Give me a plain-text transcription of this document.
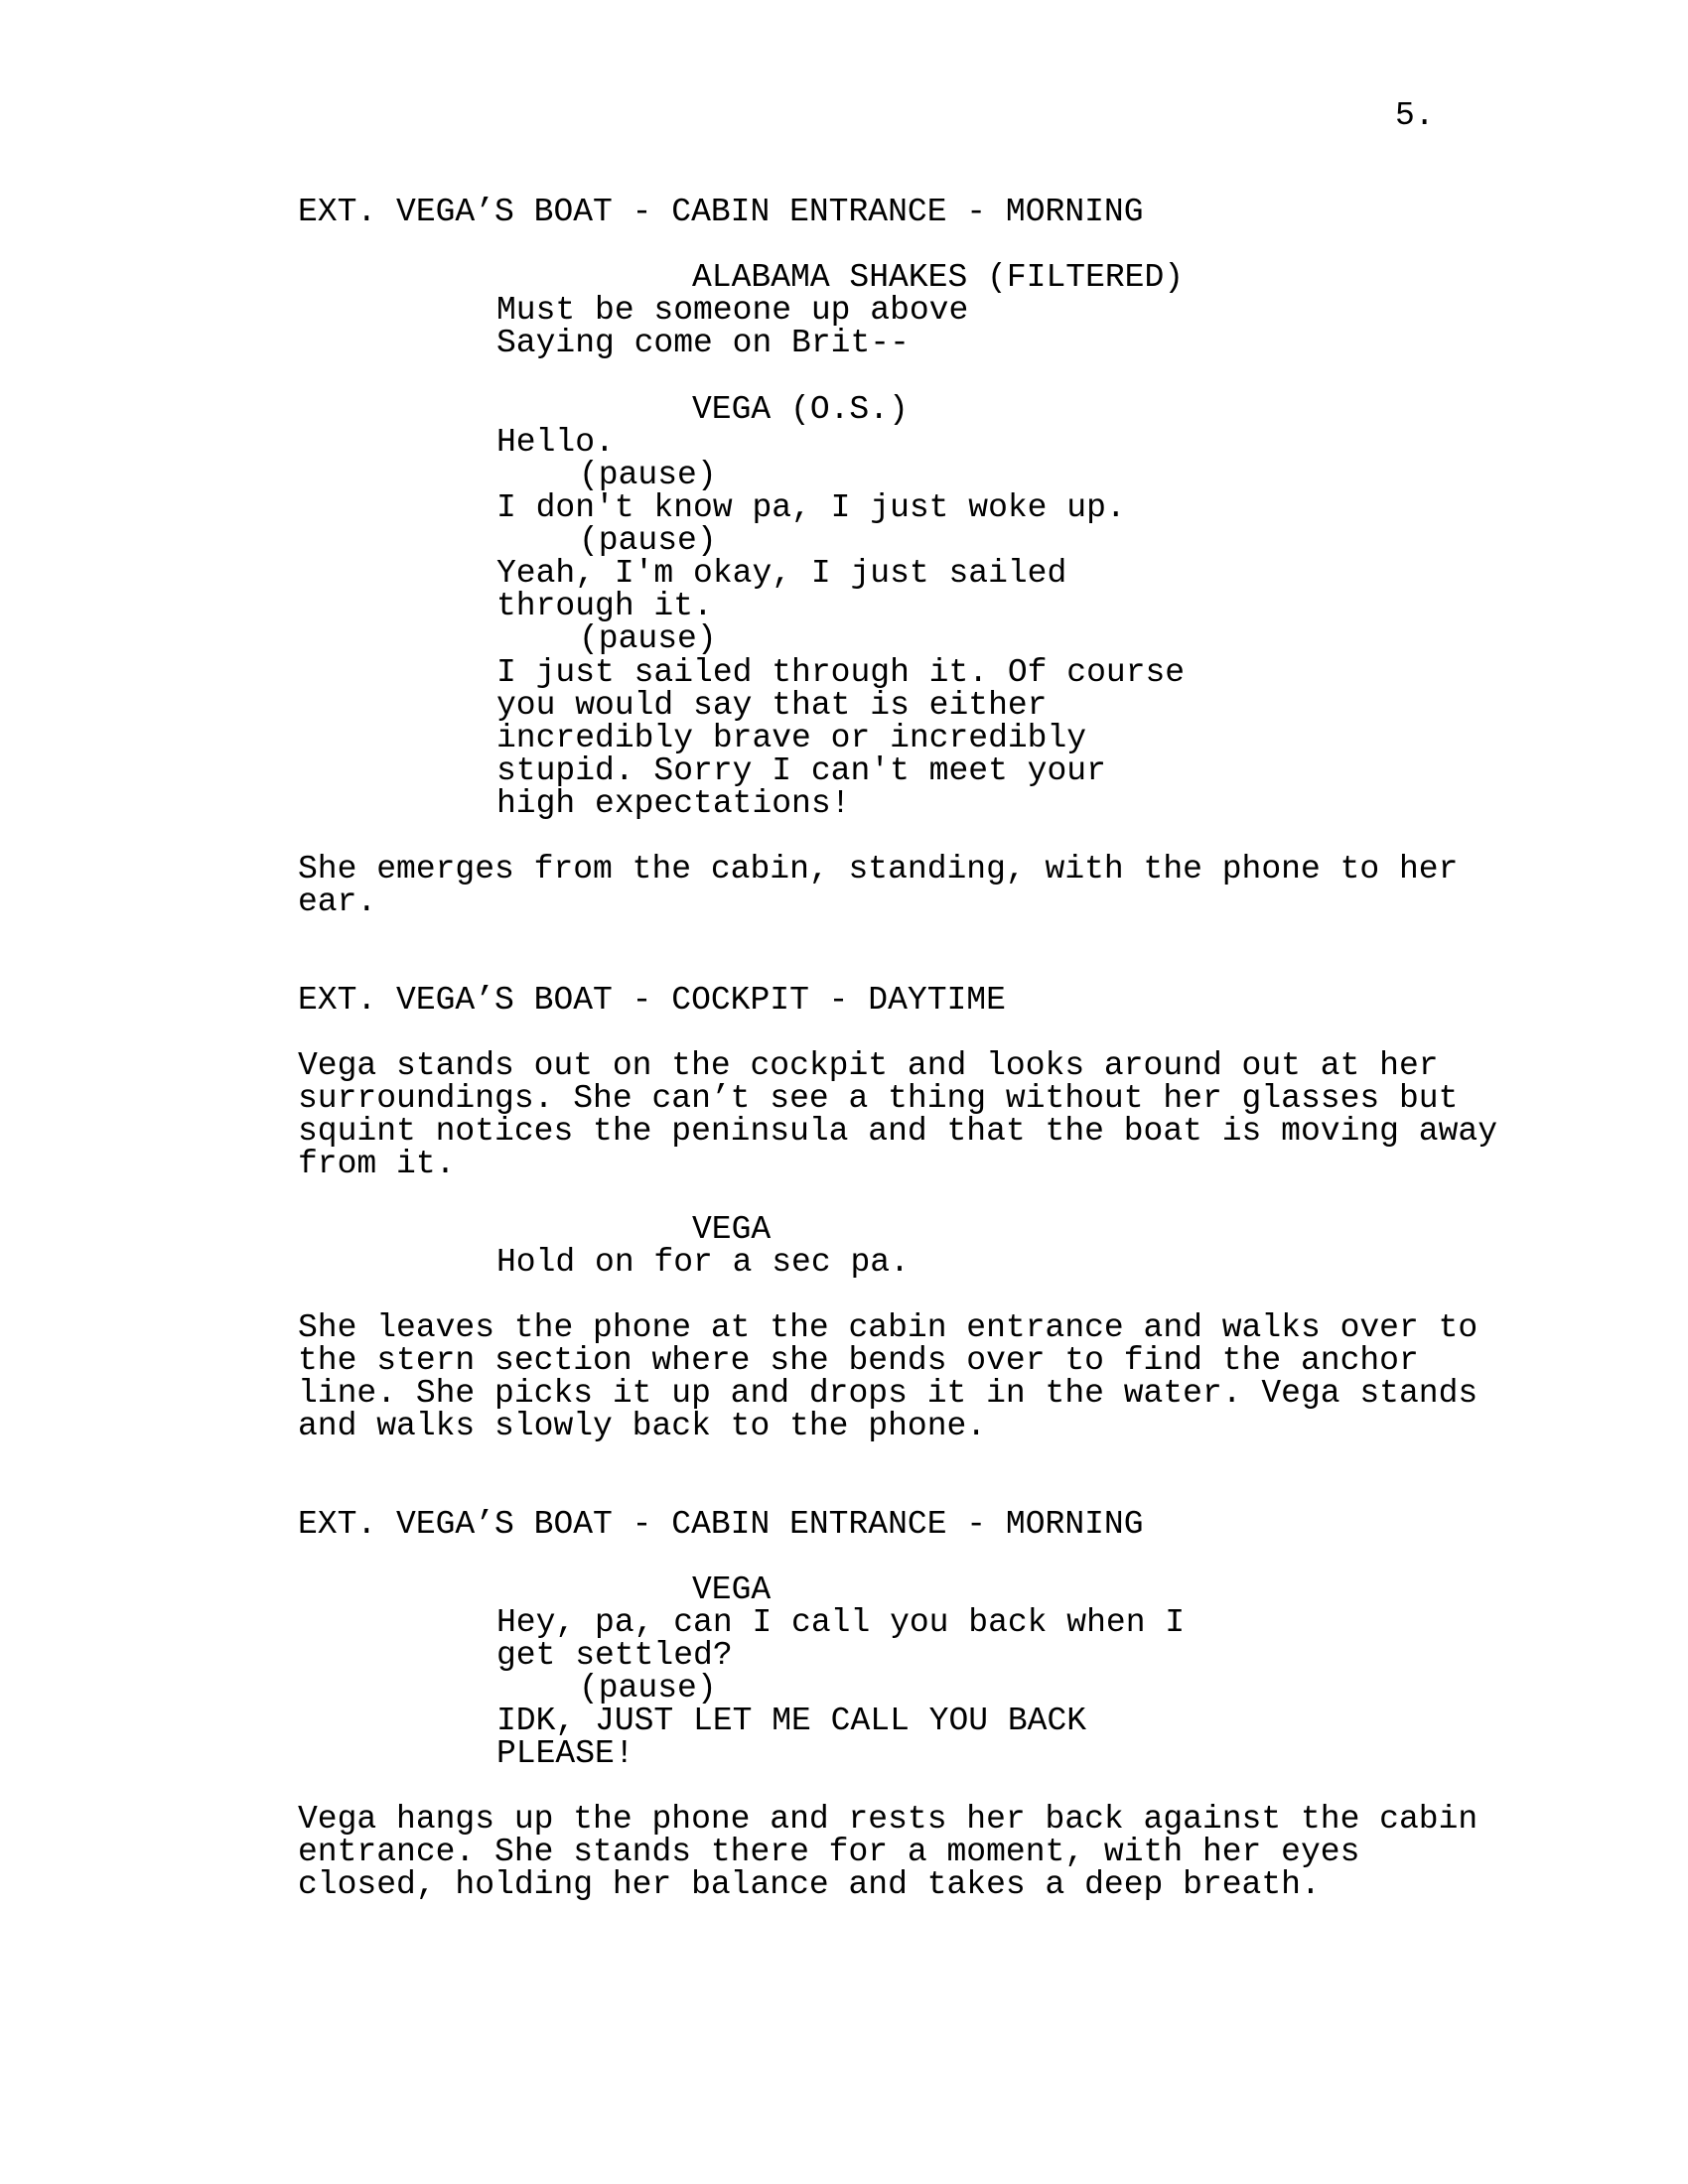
5.
EXT. VEGA’S BOAT - CABIN ENTRANCE - MORNING
ALABAMA SHAKES (FILTERED)
Must be someone up above
Saying come on Brit--
VEGA (O.S.)
Hello.
(pause)
I don't know pa, I just woke up.
(pause)
Yeah, I'm okay, I just sailed
through it.
(pause)
I just sailed through it. Of course
you would say that is either
incredibly brave or incredibly
stupid. Sorry I can't meet your
high expectations!
She emerges from the cabin, standing, with the phone to her
ear.
EXT. VEGA’S BOAT - COCKPIT - DAYTIME
Vega stands out on the cockpit and looks around out at her
surroundings. She can’t see a thing without her glasses but
squint notices the peninsula and that the boat is moving away
from it.
VEGA
Hold on for a sec pa.
She leaves the phone at the cabin entrance and walks over to
the stern section where she bends over to find the anchor
line. She picks it up and drops it in the water. Vega stands
and walks slowly back to the phone.
EXT. VEGA’S BOAT - CABIN ENTRANCE - MORNING
VEGA
Hey, pa, can I call you back when I
get settled?
(pause)
IDK, JUST LET ME CALL YOU BACK
PLEASE!
Vega hangs up the phone and rests her back against the cabin
entrance. She stands there for a moment, with her eyes
closed, holding her balance and takes a deep breath.
